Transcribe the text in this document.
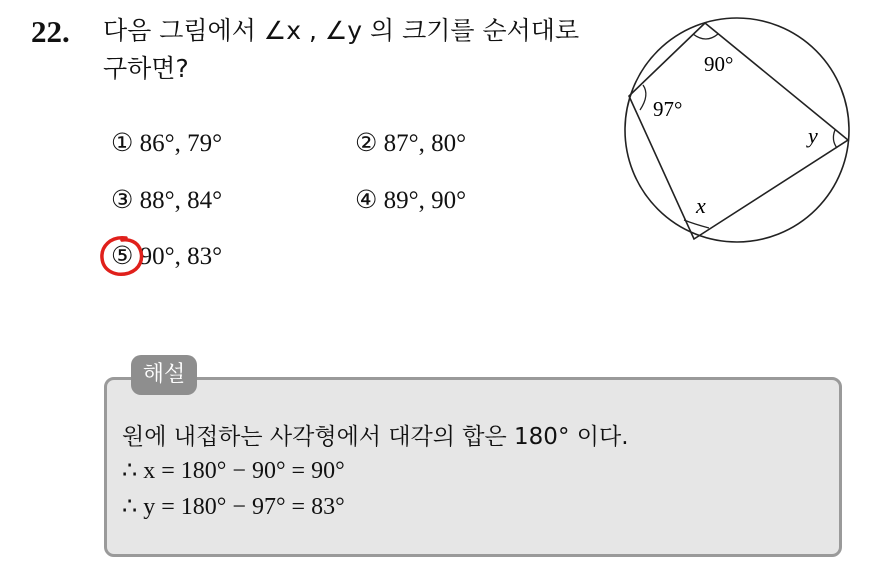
22. 다음 그림에서 ∠x , ∠y 의 크기를 순서대로
구하면?
① 86°, 79°	② 87°, 80°
③ 88°, 84°	④ 89°, 90°
⑤ 90°, 83°
90°
97°
y
x
해설
원에 내접하는 사각형에서 대각의 합은 180° 이다.
∴ x = 180° − 90° = 90°
∴ y = 180° − 97° = 83°
